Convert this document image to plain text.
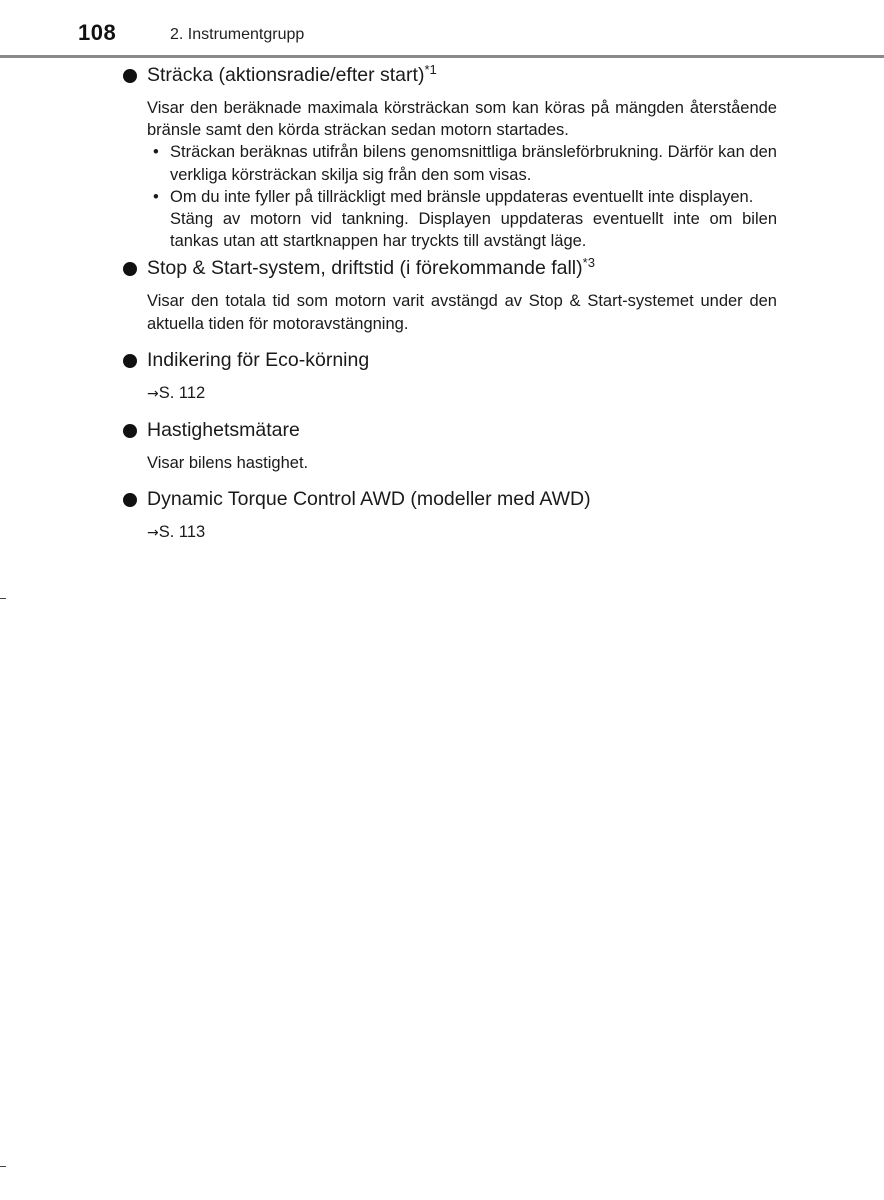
108	2. Instrumentgrupp
Sträcka (aktionsradie/efter start)$^{*1}$

Visar den beräknade maximala körsträckan som kan köras på mängden återstående bränsle samt den körda sträckan sedan motorn startades.

• Sträckan beräknas utifrån bilens genomsnittliga bränsleförbrukning. Därför kan den verkliga körsträckan skilja sig från den som visas.
• Om du inte fyller på tillräckligt med bränsle uppdateras eventuellt inte displayen.
Stäng av motorn vid tankning. Displayen uppdateras eventuellt inte om bilen tankas utan att startknappen har tryckts till avstängt läge.
Stop & Start-system, driftstid (i förekommande fall)$^{*3}$

Visar den totala tid som motorn varit avstängd av Stop & Start-systemet under den aktuella tiden för motoravstängning.

Indikering för Eco-körning
→S. 112
Hastighetsmätare

Visar bilens hastighet.

Dynamic Torque Control AWD (modeller med AWD)
→S. 113
